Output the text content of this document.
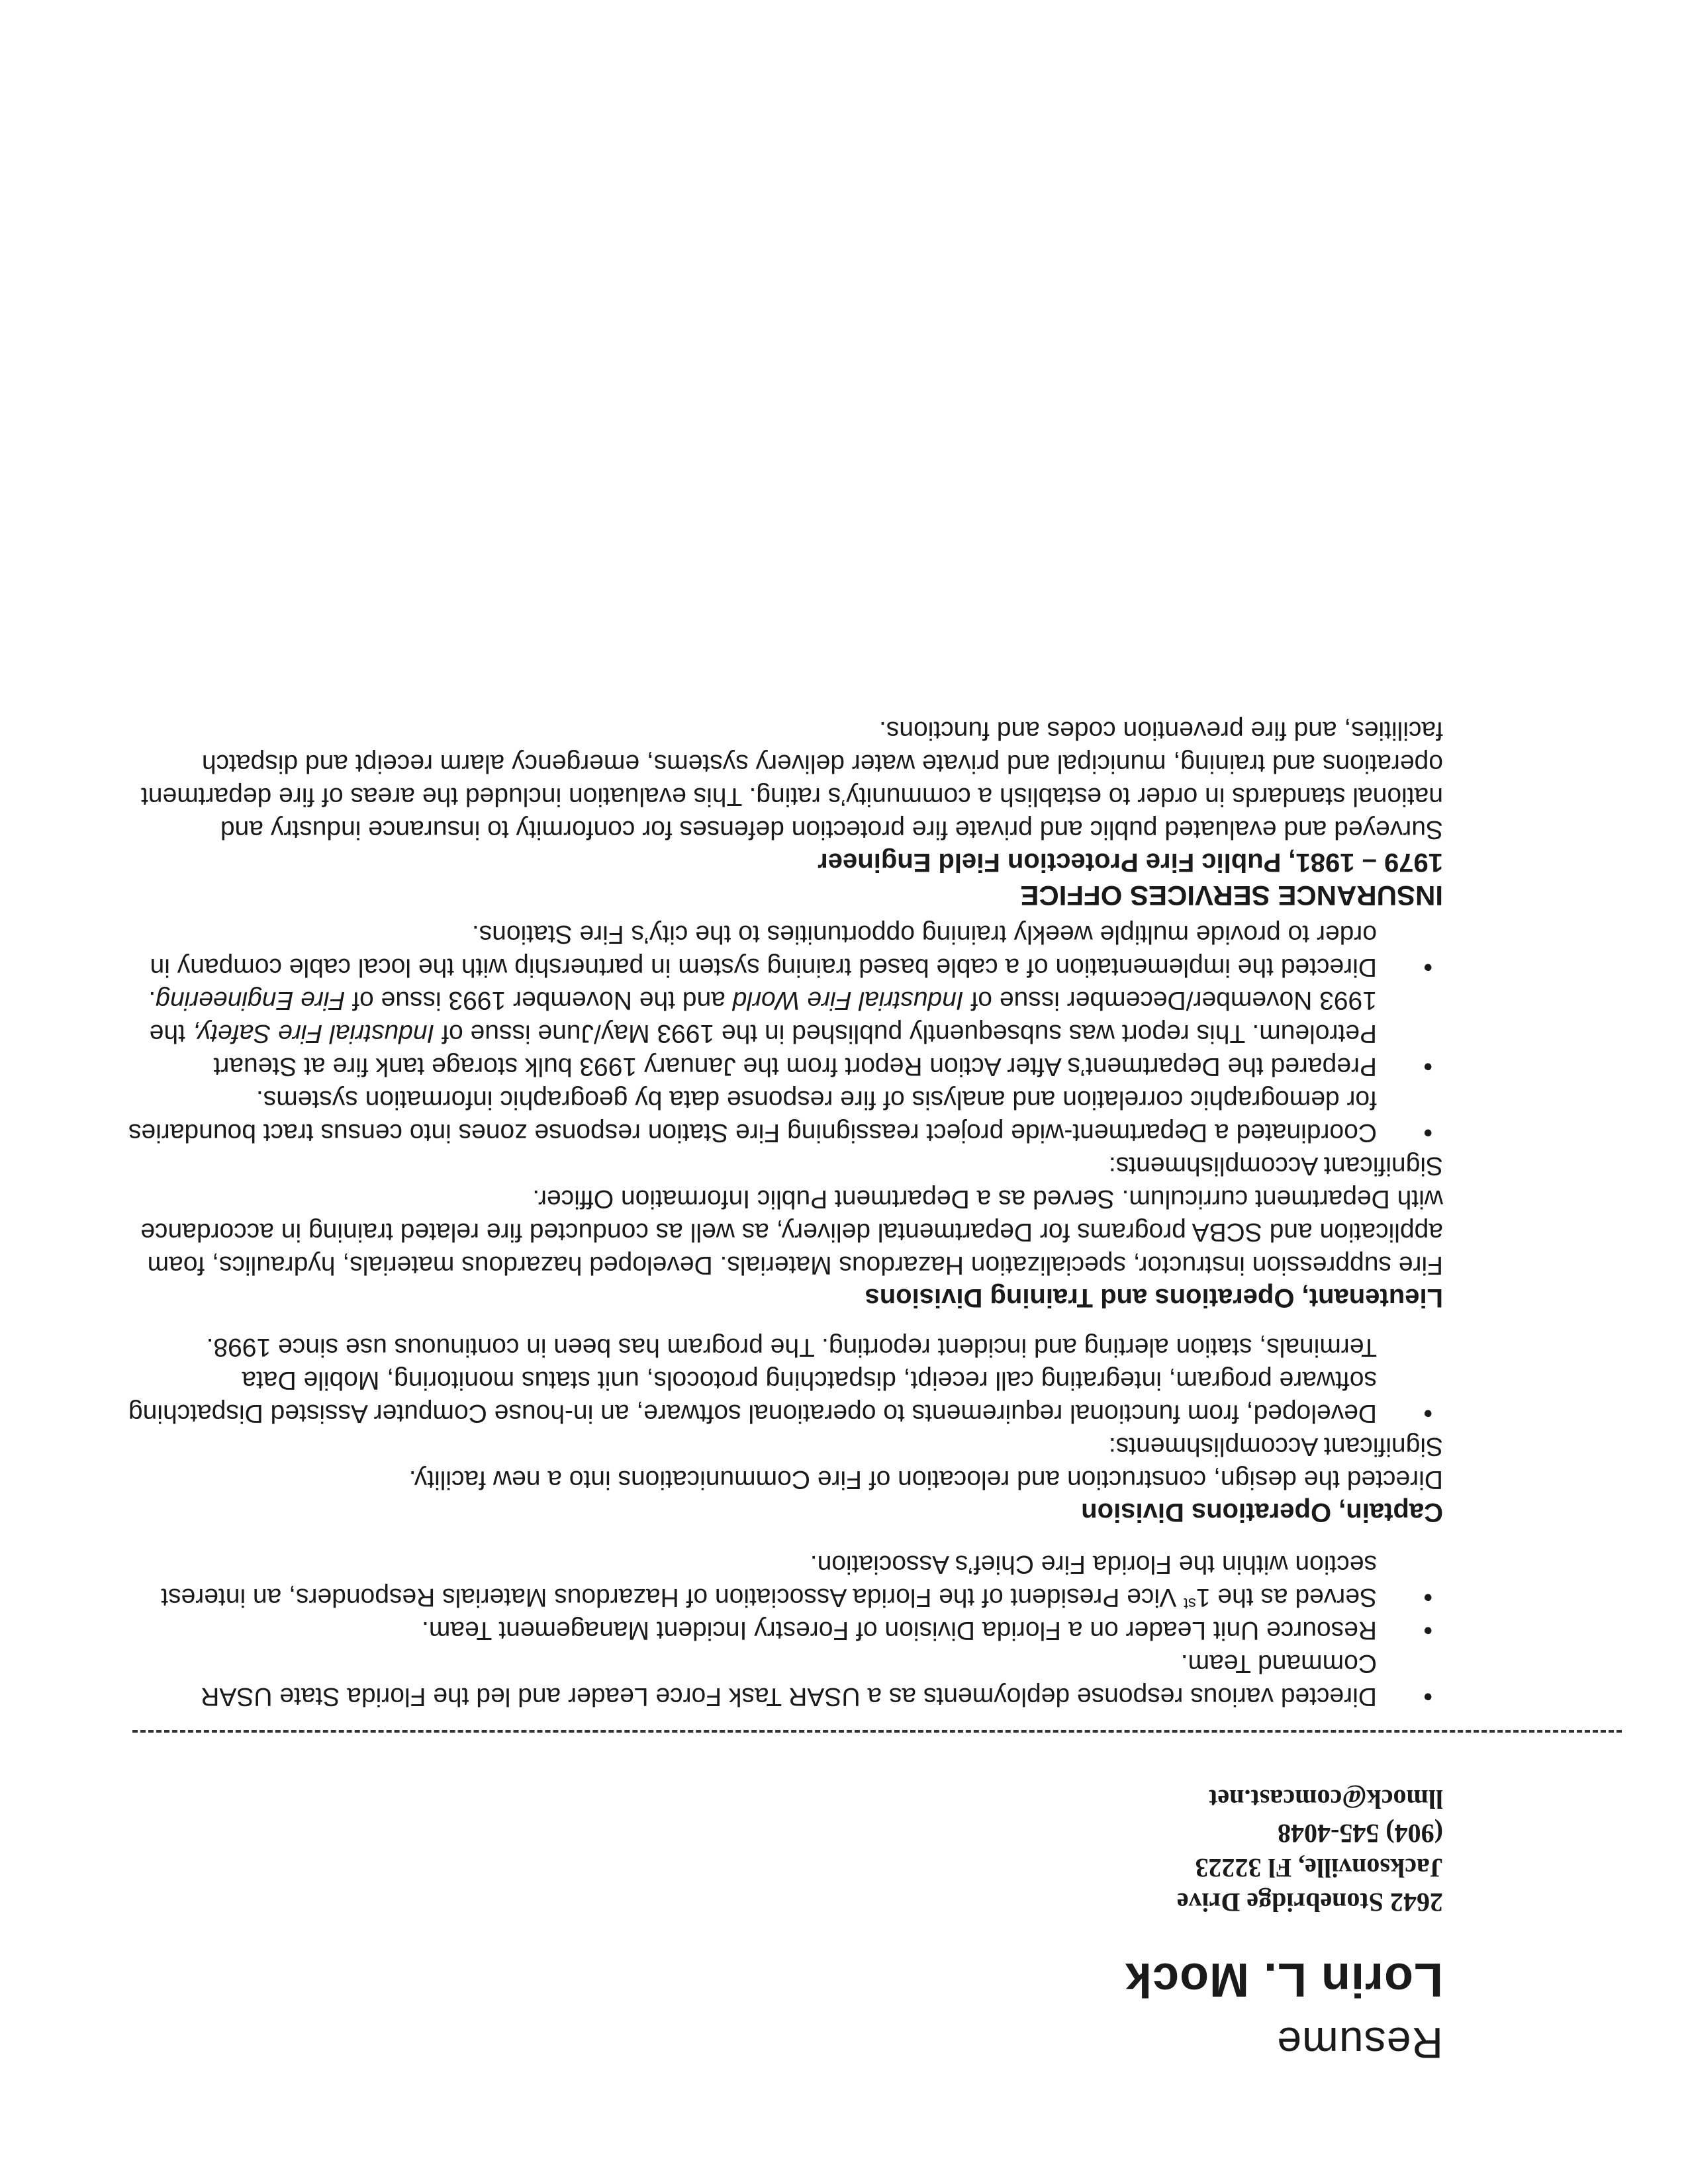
Resume
Lorin L. Mock
2642 Stonebridge Drive
Jacksonville, Fl 32223
(904) 545-4048
llmock@comcast.net
•
Directed various response deployments as a USAR Task Force Leader and led the Florida State USAR Command Team.
•
Resource Unit Leader on a Florida Division of Forestry Incident Management Team.
•
Served as the 1st Vice President of the Florida Association of Hazardous Materials Responders, an interest section within the Florida Fire Chief’s Association.
Captain, Operations Division
Directed the design, construction and relocation of Fire Communications into a new facility.
Significant Accomplishments:
•
Developed, from functional requirements to operational software, an in-house Computer Assisted Dispatching software program, integrating call receipt, dispatching protocols, unit status monitoring, Mobile Data Terminals, station alerting and incident reporting. The program has been in continuous use since 1998.
Lieutenant, Operations and Training Divisions
Fire suppression instructor, specialization Hazardous Materials. Developed hazardous materials, hydraulics, foam application and SCBA programs for Departmental delivery, as well as conducted fire related training in accordance with Department curriculum. Served as a Department Public Information Officer.
Significant Accomplishments:
•
Coordinated a Department-wide project reassigning Fire Station response zones into census tract boundaries for demographic correlation and analysis of fire response data by geographic information systems.
•
Prepared the Department’s After Action Report from the January 1993 bulk storage tank fire at Steuart Petroleum. This report was subsequently published in the 1993 May/June issue of Industrial Fire Safety, the 1993 November/December issue of Industrial Fire World and the November 1993 issue of Fire Engineering.
•
Directed the implementation of a cable based training system in partnership with the local cable company in order to provide multiple weekly training opportunities to the city’s Fire Stations.
INSURANCE SERVICES OFFICE
1979 – 1981, Public Fire Protection Field Engineer
Surveyed and evaluated public and private fire protection defenses for conformity to insurance industry and national standards in order to establish a community’s rating. This evaluation included the areas of fire department operations and training, municipal and private water delivery systems, emergency alarm receipt and dispatch facilities, and fire prevention codes and functions.
